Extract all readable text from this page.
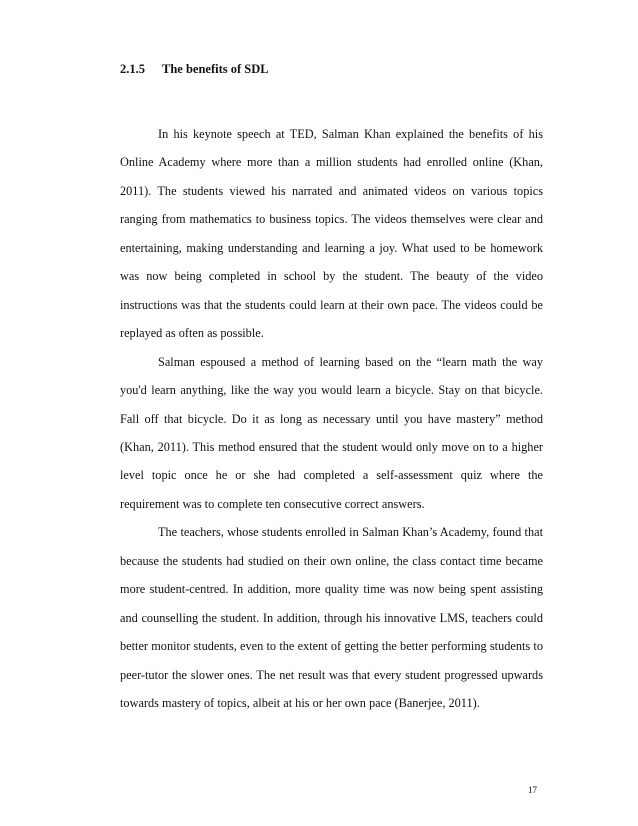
2.1.5 The benefits of SDL

In his keynote speech at TED, Salman Khan explained the benefits of his Online Academy where more than a million students had enrolled online (Khan, 2011). The students viewed his narrated and animated videos on various topics ranging from mathematics to business topics. The videos themselves were clear and entertaining, making understanding and learning a joy. What used to be homework was now being completed in school by the student. The beauty of the video instructions was that the students could learn at their own pace. The videos could be replayed as often as possible.

Salman espoused a method of learning based on the “learn math the way you'd learn anything, like the way you would learn a bicycle. Stay on that bicycle. Fall off that bicycle. Do it as long as necessary until you have mastery” method (Khan, 2011). This method ensured that the student would only move on to a higher level topic once he or she had completed a self-assessment quiz where the requirement was to complete ten consecutive correct answers.

The teachers, whose students enrolled in Salman Khan’s Academy, found that because the students had studied on their own online, the class contact time became more student-centred. In addition, more quality time was now being spent assisting and counselling the student. In addition, through his innovative LMS, teachers could better monitor students, even to the extent of getting the better performing students to peer-tutor the slower ones. The net result was that every student progressed upwards towards mastery of topics, albeit at his or her own pace (Banerjee, 2011).

17
